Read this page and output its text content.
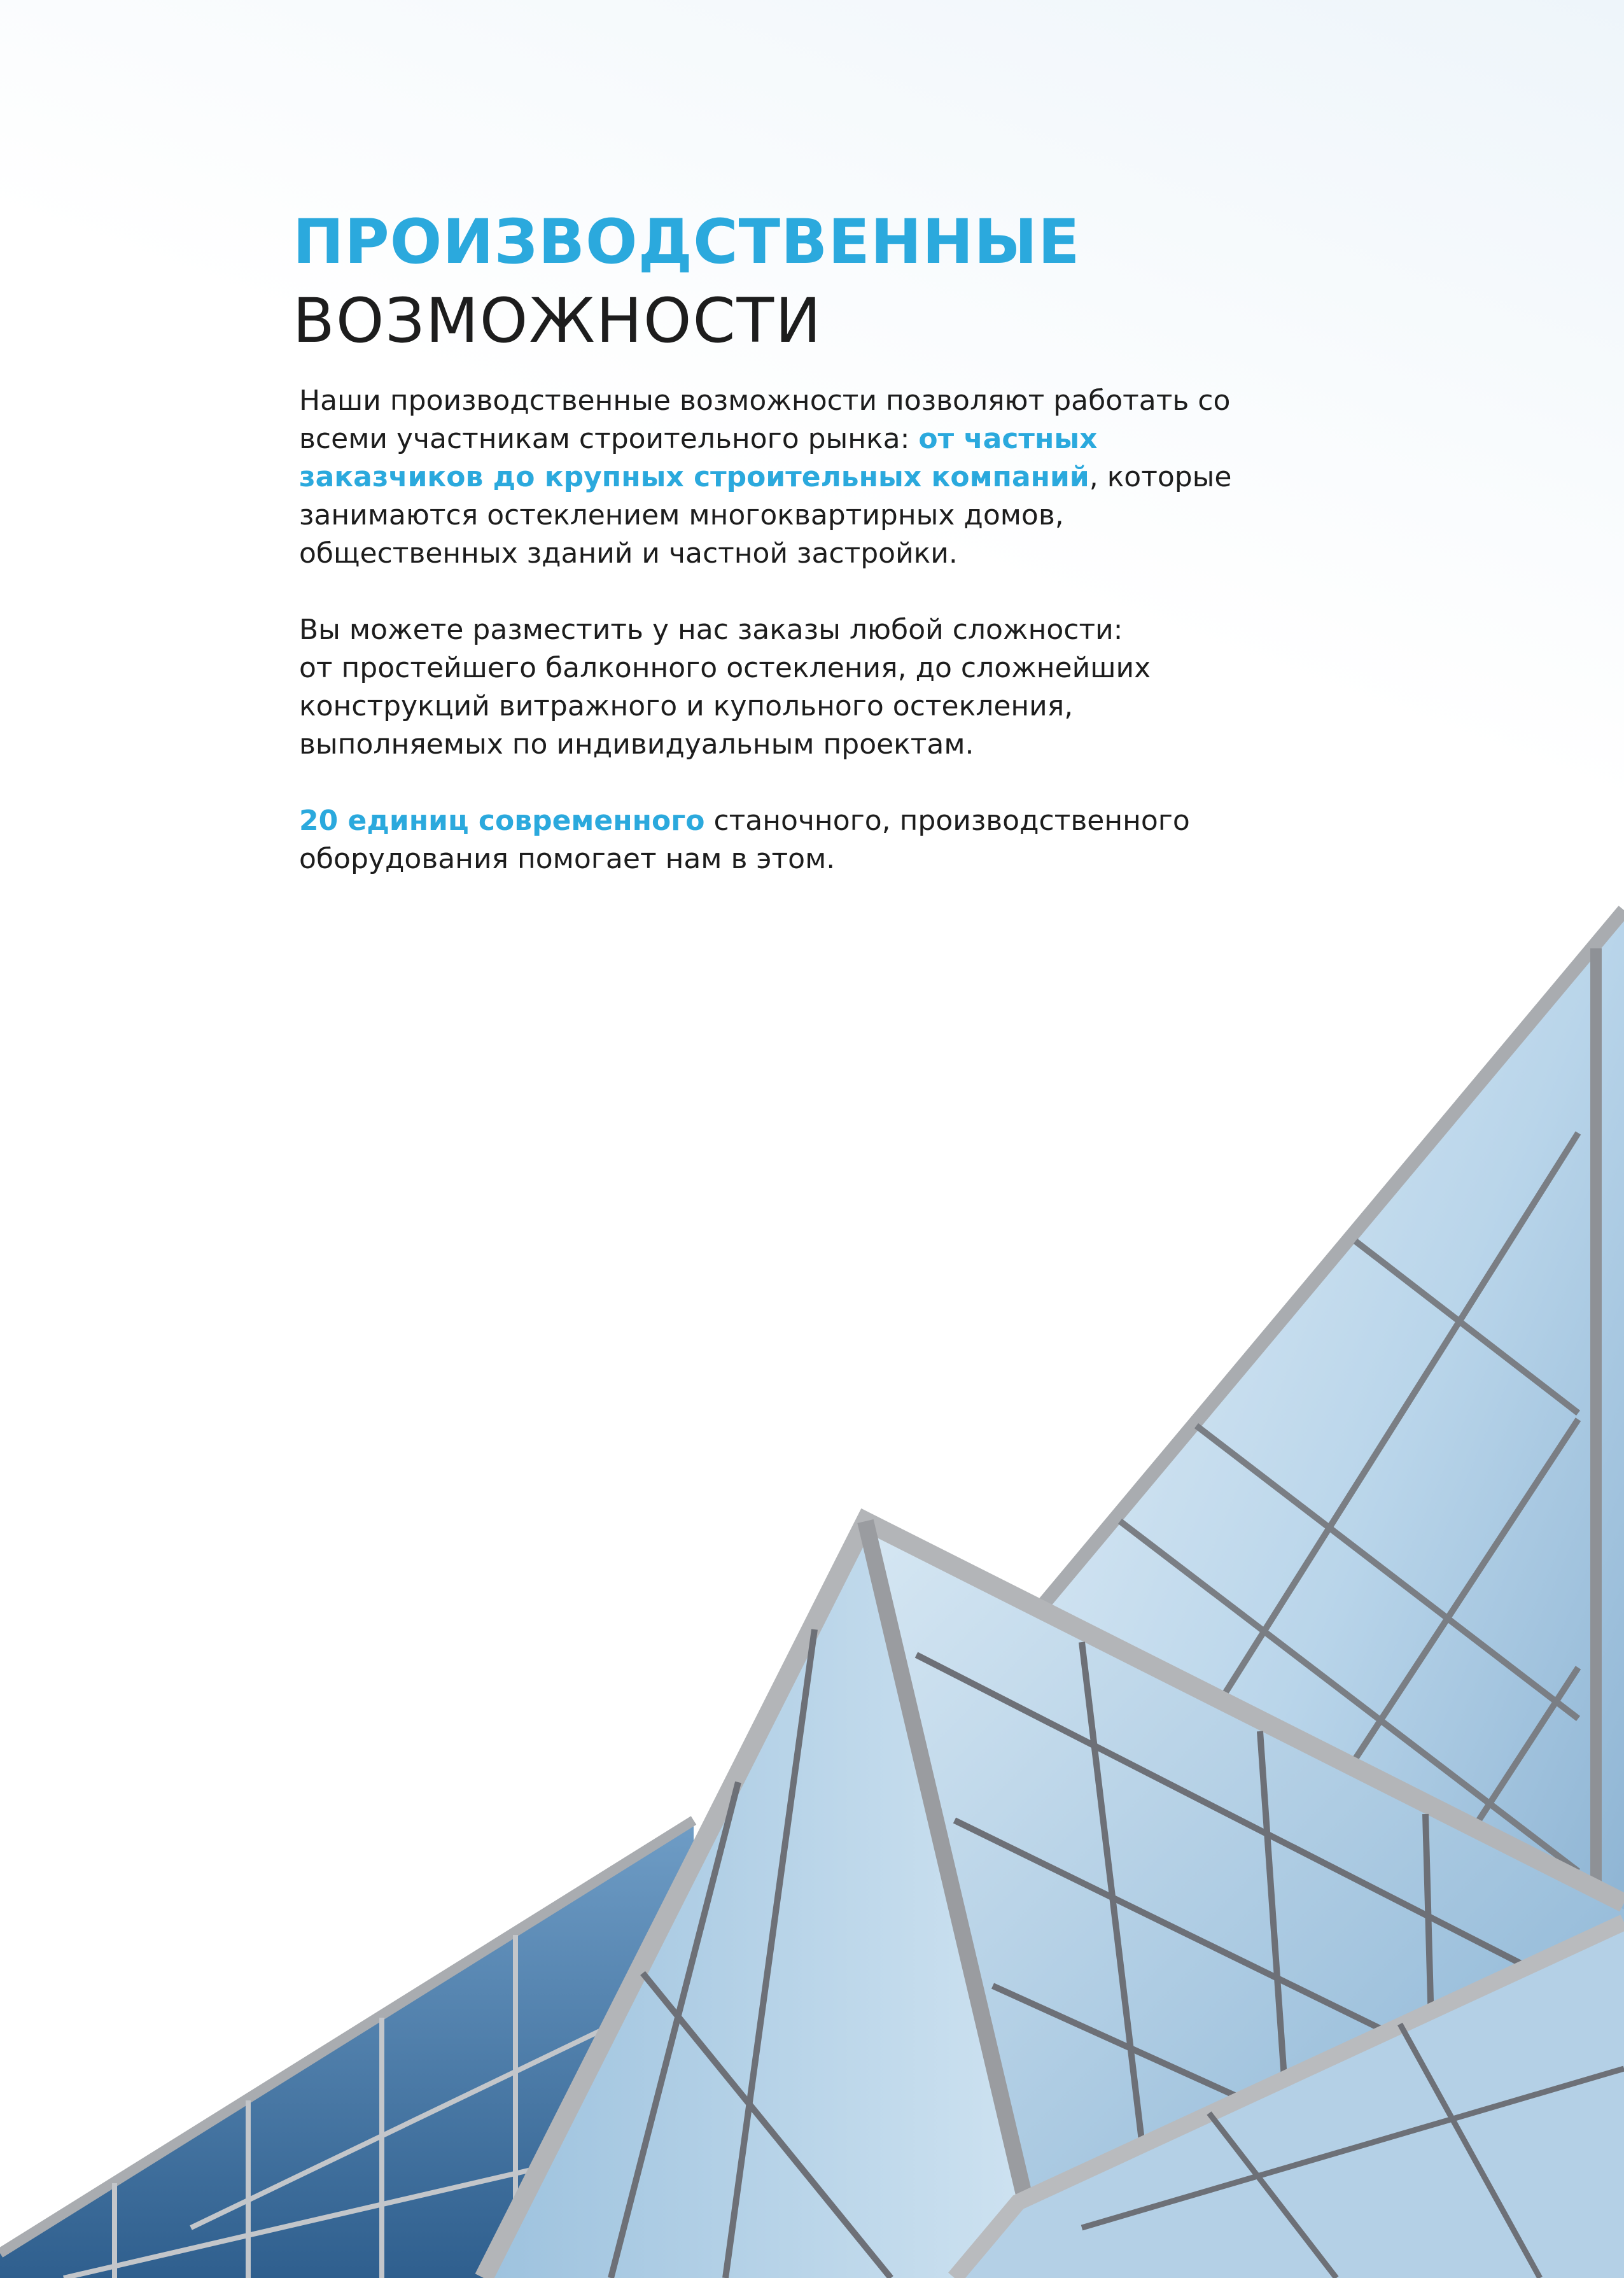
ПРОИЗВОДСТВЕННЫЕ
ВОЗМОЖНОСТИ

Наши производственные возможности позволяют работать со всеми участникам строительного рынка: от частных заказчиков до крупных строительных компаний, которые занимаются остеклением многоквартирных домов, общественных зданий и частной застройки.

Вы можете разместить у нас заказы любой сложности:
от простейшего балконного остекления, до сложнейших
конструкций витражного и купольного остекления,
выполняемых по индивидуальным проектам.

20 единиц современного станочного, производственного оборудования помогает нам в этом.
